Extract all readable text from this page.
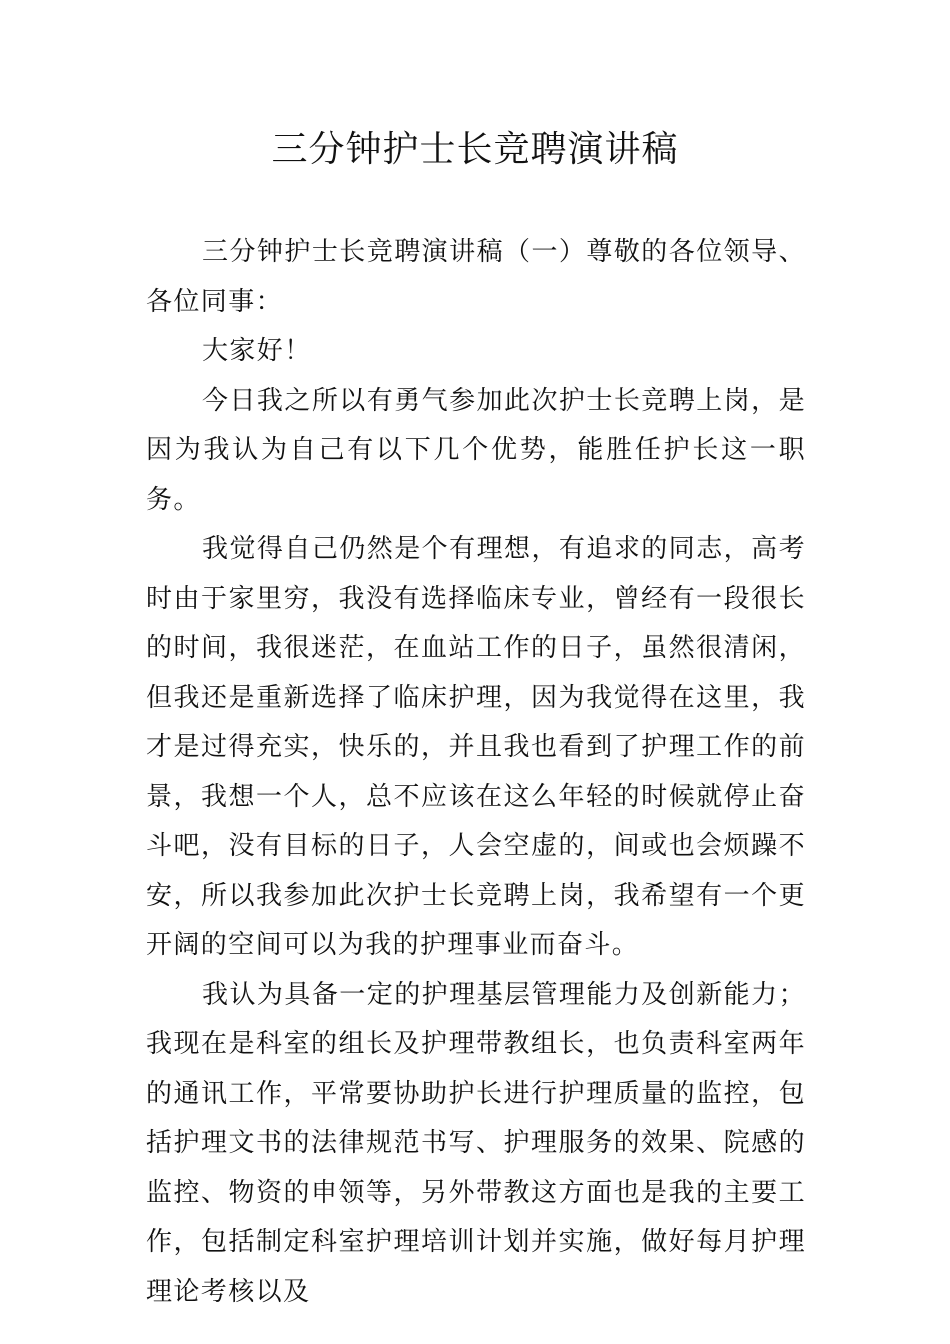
三分钟护士长竞聘演讲稿

三分钟护士长竞聘演讲稿（一）尊敬的各位领导、各位同事：

大家好！

今日我之所以有勇气参加此次护士长竞聘上岗，是因为我认为自己有以下几个优势，能胜任护长这一职务。

我觉得自己仍然是个有理想，有追求的同志，高考时由于家里穷，我没有选择临床专业，曾经有一段很长的时间，我很迷茫，在血站工作的日子，虽然很清闲，但我还是重新选择了临床护理，因为我觉得在这里，我才是过得充实，快乐的，并且我也看到了护理工作的前景，我想一个人，总不应该在这么年轻的时候就停止奋斗吧，没有目标的日子，人会空虚的，间或也会烦躁不安，所以我参加此次护士长竞聘上岗，我希望有一个更开阔的空间可以为我的护理事业而奋斗。

我认为具备一定的护理基层管理能力及创新能力；我现在是科室的组长及护理带教组长，也负责科室两年的通讯工作，平常要协助护长进行护理质量的监控，包括护理文书的法律规范书写、护理服务的效果、院感的监控、物资的申领等，另外带教这方面也是我的主要工作，包括制定科室护理培训计划并实施，做好每月护理理论考核以及
